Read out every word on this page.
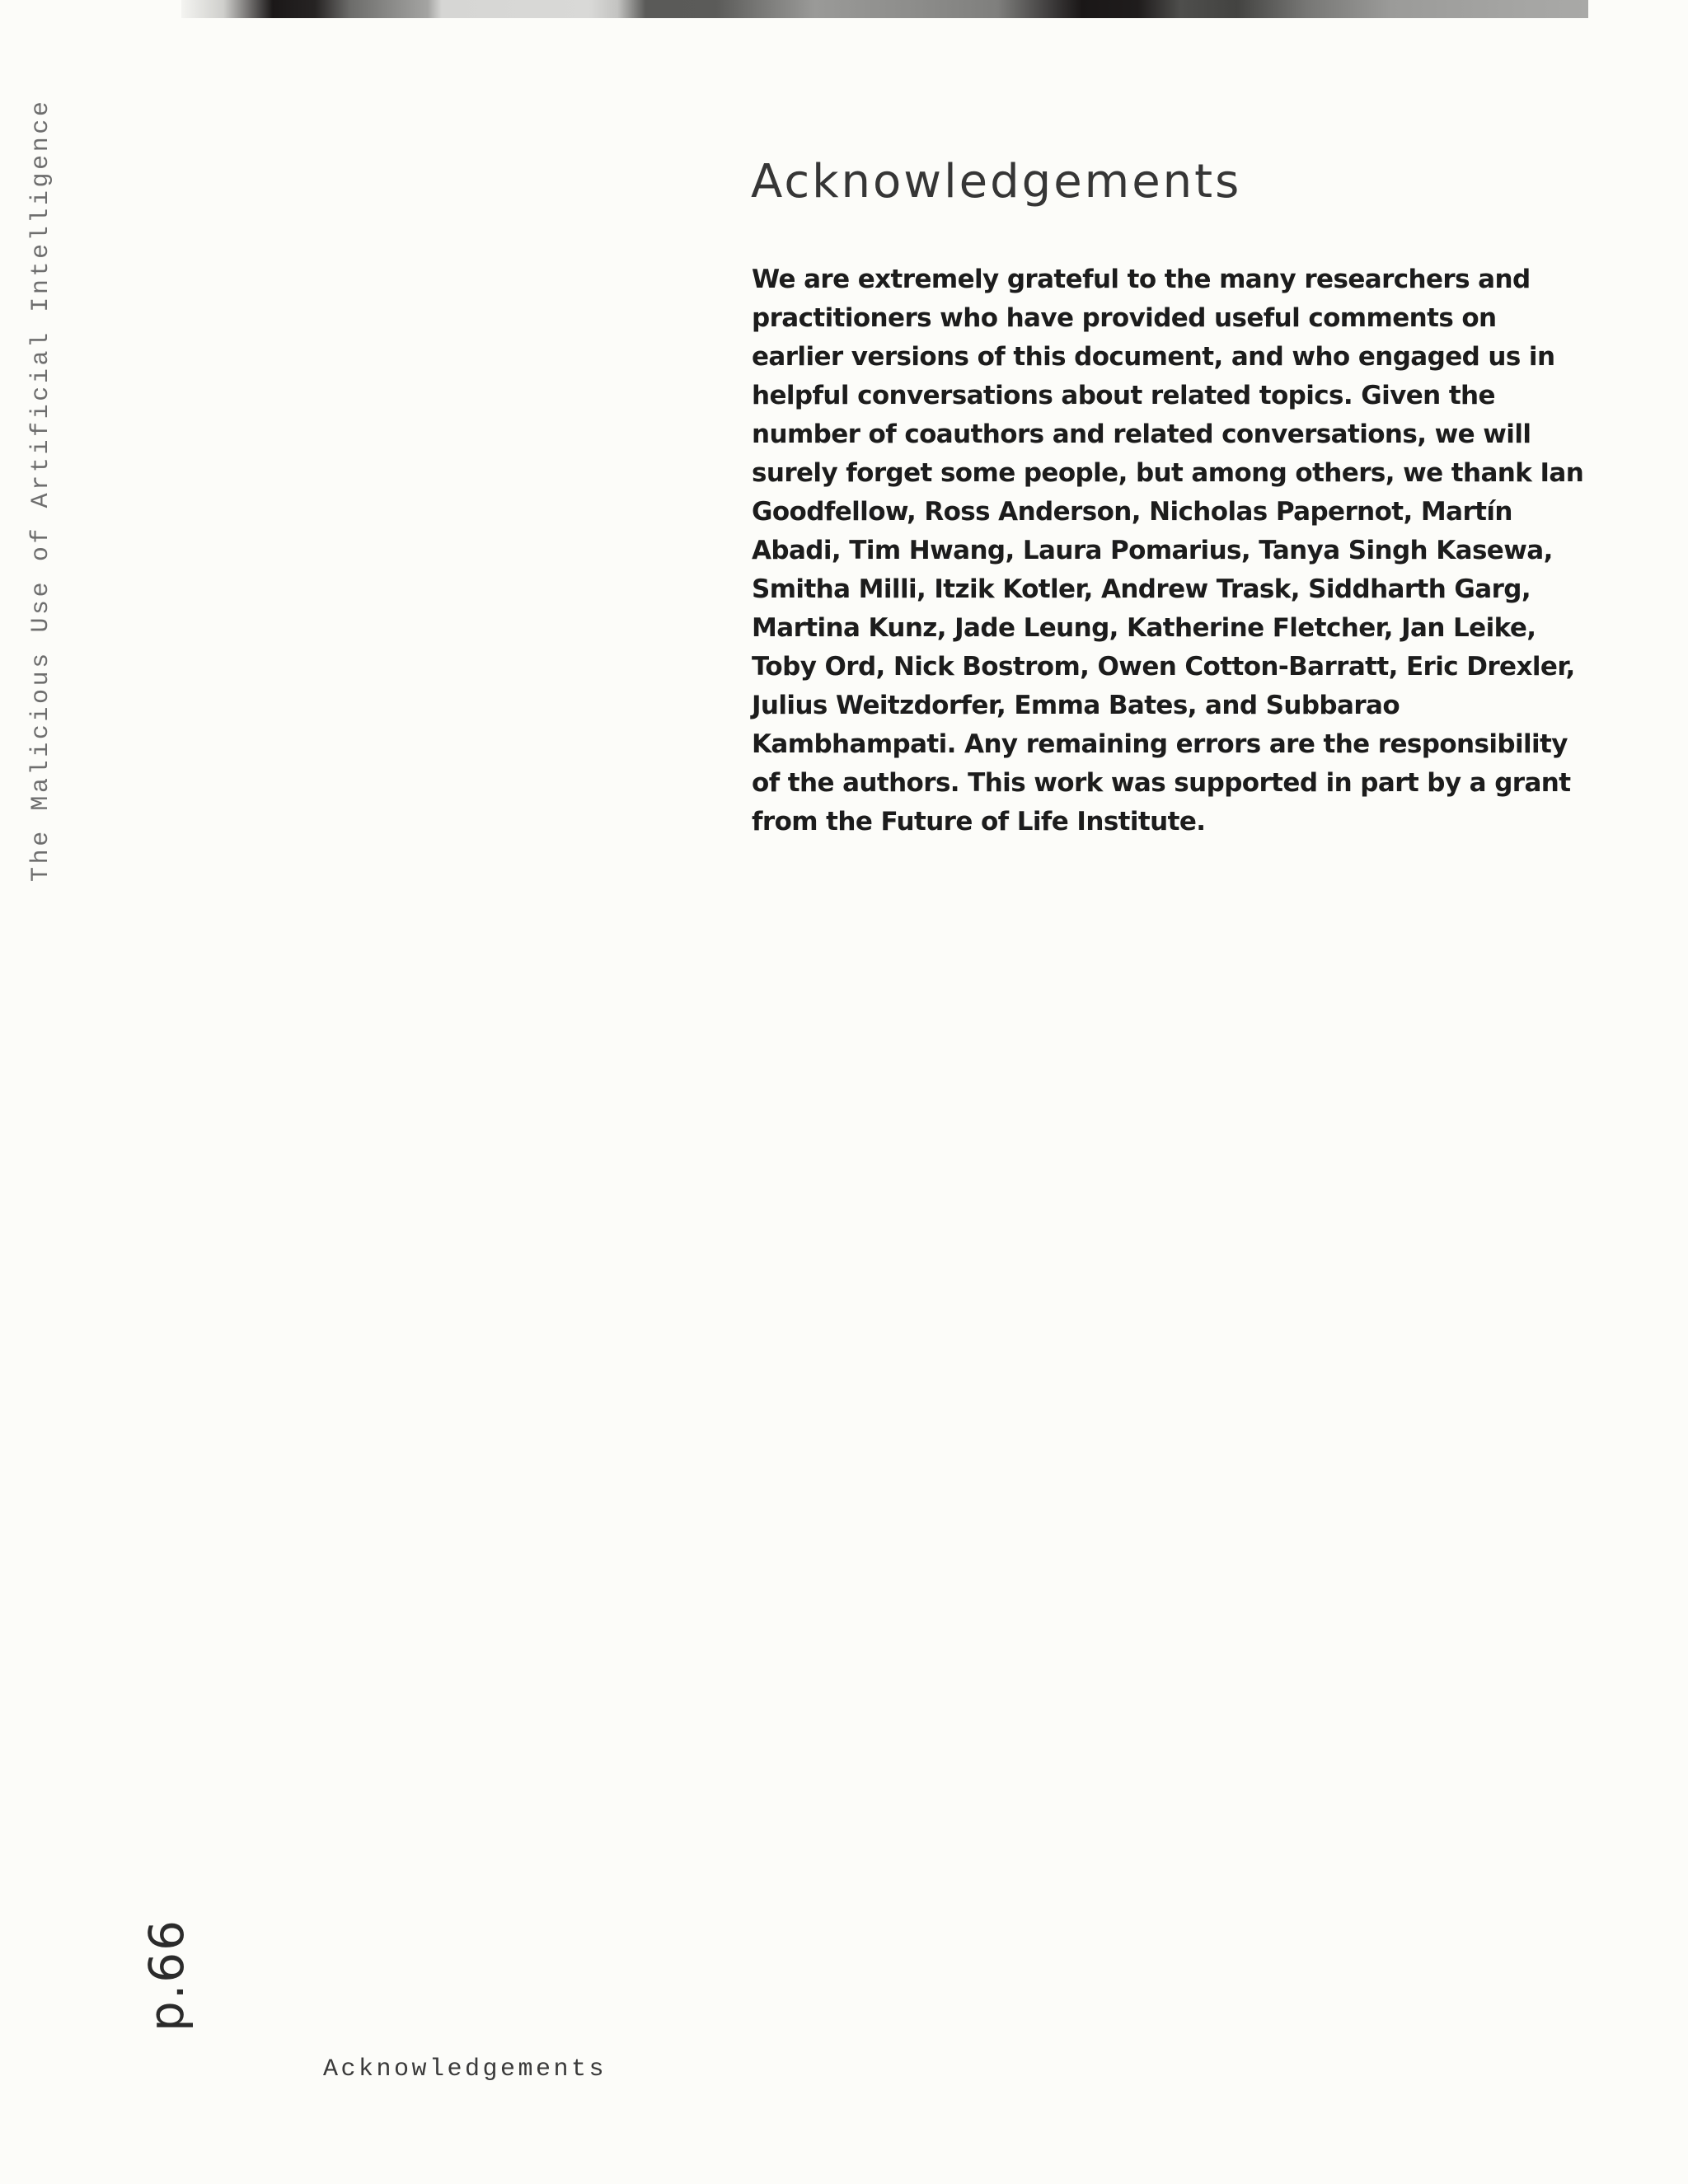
The Malicious Use of Artificial Intelligence	Acknowledgements

We are extremely grateful to the many researchers and practitioners who have provided useful comments on earlier versions of this document, and who engaged us in helpful conversations about related topics. Given the number of coauthors and related conversations, we will surely forget some people, but among others, we thank Ian Goodfellow, Ross Anderson, Nicholas Papernot, Martín Abadi, Tim Hwang, Laura Pomarius, Tanya Singh Kasewa, Smitha Milli, Itzik Kotler, Andrew Trask, Siddharth Garg, Martina Kunz, Jade Leung, Katherine Fletcher, Jan Leike, Toby Ord, Nick Bostrom, Owen Cotton-Barratt, Eric Drexler, Julius Weitzdorfer, Emma Bates, and Subbarao Kambhampati. Any remaining errors are the responsibility of the authors. This work was supported in part by a grant from the Future of Life Institute.

p.66
Acknowledgements
